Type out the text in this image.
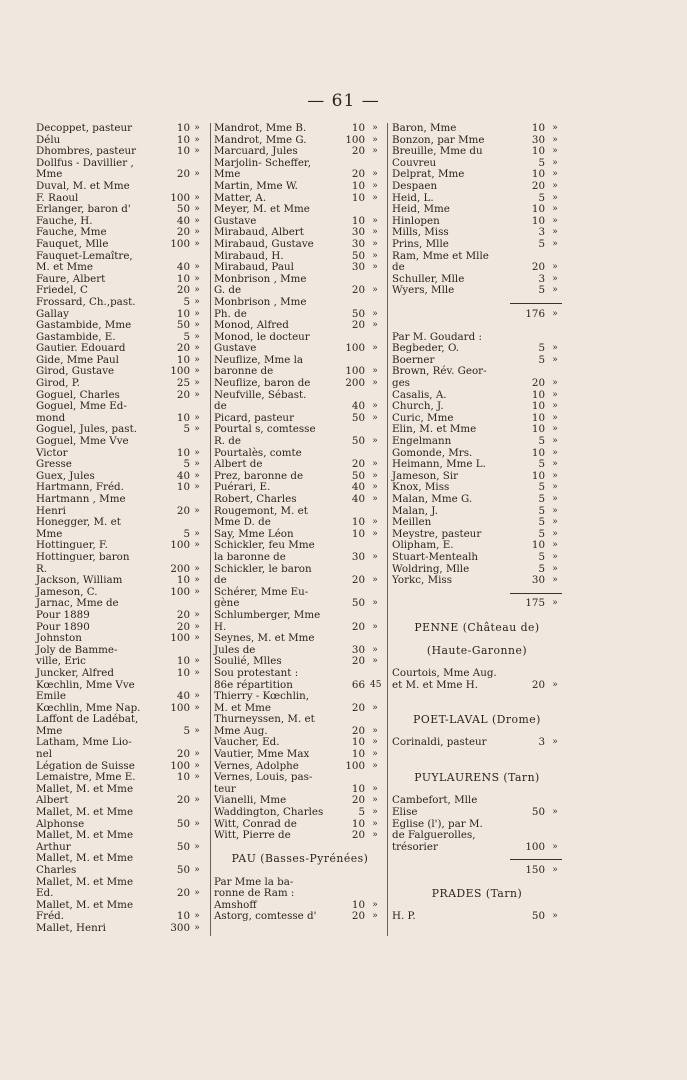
— 61 —
Decoppet, pasteur	10 »
Délu	10 »
Dhombres, pasteur	10 »
Dollfus - Davillier ,
Mme	20 »
Duval, M. et Mme
F. Raoul	100 »
Erlanger, baron d'	50 »
Fauche, H.	40 »
Fauche, Mme	20 »
Fauquet, Mlle	100 »
Fauquet-Lemaître,
M. et Mme	40 »
Faure, Albert	10 »
Friedel, C	20 »
Frossard, Ch.,past.	5 »
Gallay	10 »
Gastambide, Mme	50 »
Gastambide, E.	5 »
Gautier. Edouard	20 »
Gide, Mme Paul	10 »
Girod, Gustave	100 »
Girod, P.	25 »
Goguel, Charles	20 »
Goguel, Mme Ed-
mond	10 »
Goguel, Jules, past.	5 »
Goguel, Mme Vve
Victor	10 »
Gresse	5 »
Guex, Jules	40 »
Hartmann, Fréd.	10 »
Hartmann , Mme
Henri	20 »
Honegger, M. et
Mme	5 »
Hottinguer, F.	100 »
Hottinguer, baron
R.	200 »
Jackson, William	10 »
Jameson, C.	100 »
Jarnac, Mme de
Pour 1889	20 »
Pour 1890	20 »
Johnston	100 »
Joly de Bamme-
ville, Eric	10 »
Juncker, Alfred	10 »
Kœchlin, Mme Vve
Emile	40 »
Kœchlin, Mme Nap.	100 »
Laffont de Ladébat,
Mme	5 »
Latham, Mme Lio-
nel	20 »
Légation de Suisse	100 »
Lemaistre, Mme E.	10 »
Mallet, M. et Mme
Albert	20 »
Mallet, M. et Mme
Alphonse	50 »
Mallet, M. et Mme
Arthur	50 »
Mallet, M. et Mme
Charles	50 »
Mallet, M. et Mme
Ed.	20 »
Mallet, M. et Mme
Fréd.	10 »
Mallet, Henri	300 »
Mandrot, Mme B.	10 »
Mandrot, Mme G.	100 »
Marcuard, Jules	20 »
Marjolin- Scheffer,
Mme	20 »
Martin, Mme W.	10 »
Matter, A.	10 »
Meyer, M. et Mme
Gustave	10 »
Mirabaud, Albert	30 »
Mirabaud, Gustave	30 »
Mirabaud, H.	50 »
Mirabaud, Paul	30 »
Monbrison , Mme
G. de	20 »
Monbrison , Mme
Ph. de	50 »
Monod, Alfred	20 »
Monod, le docteur
Gustave	100 »
Neuflize, Mme la
baronne de	100 »
Neuflize, baron de	200 »
Neufville, Sébast.
de	40 »
Picard, pasteur	50 »
Pourtal s, comtesse
R. de	50 »
Pourtalès, comte
Albert de	20 »
Prez, baronne de	50 »
Puérari, E.	40 »
Robert, Charles	40 »
Rougemont, M. et
Mme D. de	10 »
Say, Mme Léon	10 »
Schickler, feu Mme
la baronne de	30 »
Schickler, le baron
de	20 »
Schérer, Mme Eu-
gène	50 »
Schlumberger, Mme
H.	20 »
Seynes, M. et Mme
Jules de	30 »
Soulié, Mlles	20 »
Sou protestant :
86e répartition	66 45
Thierry - Kœchlin,
M. et Mme	20 »
Thurneyssen, M. et
Mme Aug.	20 »
Vaucher, Ed.	10 »
Vautier, Mme Max	10 »
Vernes, Adolphe	100 »
Vernes, Louis, pas-
teur	10 »
Vianelli, Mme	20 »
Waddington, Charles	5 »
Witt, Conrad de	10 »
Witt, Pierre de	20 »
PAU (Basses-Pyrénées)
Par Mme la ba-
ronne de Ram :
Amshoff	10 »
Astorg, comtesse d'	20 »
Baron, Mme	10 »
Bonzon, par Mme	30 »
Breuille, Mme du	10 »
Couvreu	5 »
Delprat, Mme	10 »
Despaen	20 »
Heid, L.	5 »
Heid, Mme	10 »
Hinlopen	10 »
Mills, Miss	3 »
Prins, Mlle	5 »
Ram, Mme et Mlle
de	20 »
Schuller, Mlle	3 »
Wyers, Mlle	5 »
176 »
Par M. Goudard :
Begbeder, O.	5 »
Boerner	5 »
Brown, Rév. Geor-
ges	20 »
Casalis, A.	10 »
Church, J.	10 »
Curic, Mme	10 »
Elin, M. et Mme	10 »
Engelmann	5 »
Gomonde, Mrs.	10 »
Heimann, Mme L.	5 »
Jameson, Sir	10 »
Knox, Miss	5 »
Malan, Mme G.	5 »
Malan, J.	5 »
Meillen	5 »
Meystre, pasteur	5 »
Olipham, E.	10 »
Stuart-Mentealh	5 »
Woldring, Mlle	5 »
Yorkc, Miss	30 »
175 »
PENNE (Château de)
(Haute-Garonne)
Courtois, Mme Aug.
et M. et Mme H.	20 »
POET-LAVAL (Drome)
Corinaldi, pasteur	3 »
PUYLAURENS (Tarn)
Cambefort, Mlle
Elise	50 »
Eglise (l'), par M.
de Falguerolles,
trésorier	100 »
150 »
PRADES (Tarn)
H. P.	50 »
